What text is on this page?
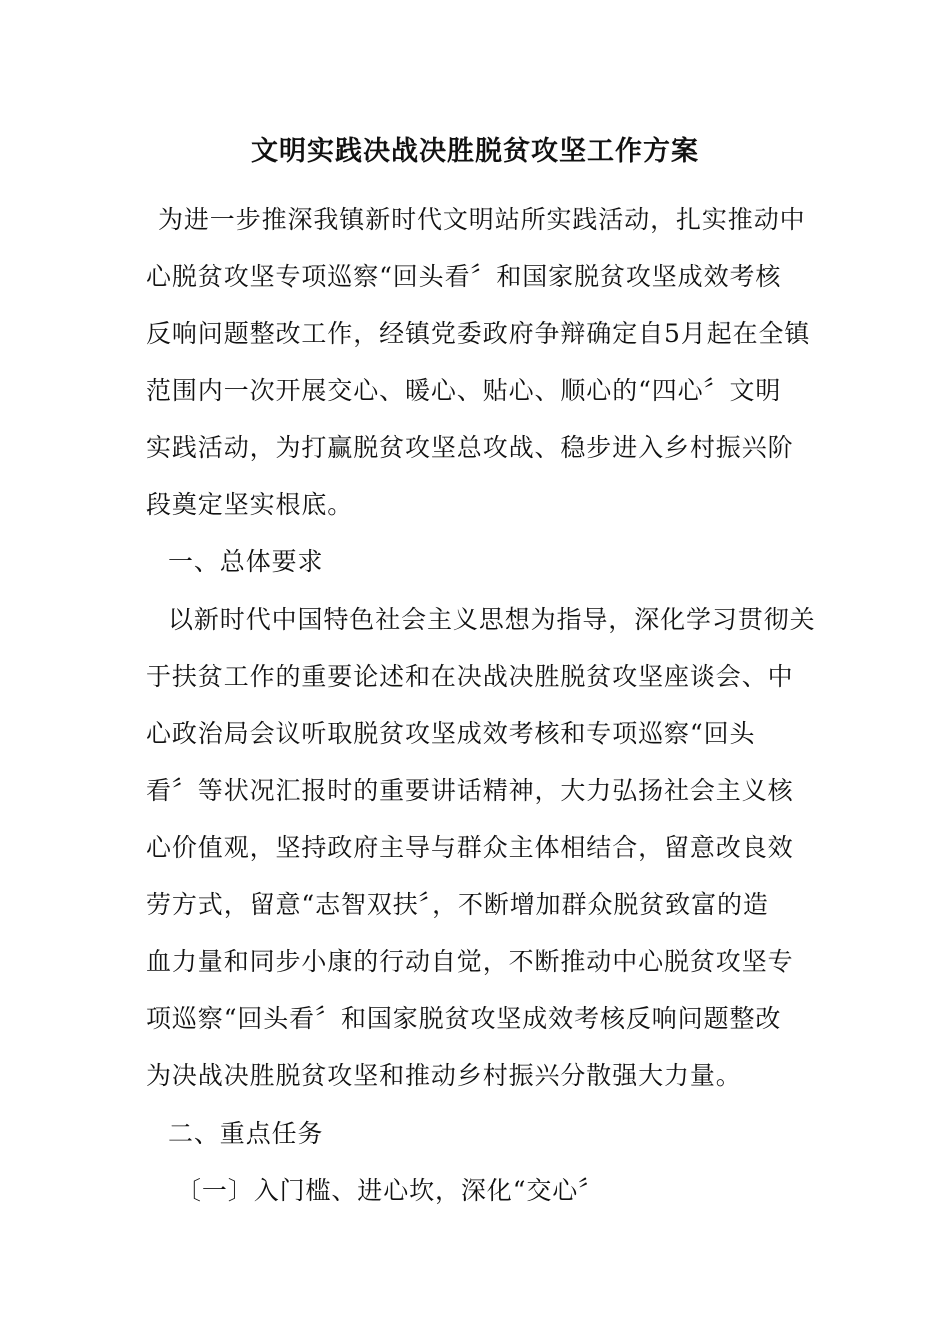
文明实践决战决胜脱贫攻坚工作方案
为进一步推深我镇新时代文明站所实践活动，扎实推动中
心脱贫攻坚专项巡察“回头看〞和国家脱贫攻坚成效考核
反响问题整改工作，经镇党委政府争辩确定自5月起在全镇
范围内一次开展交心、暖心、贴心、顺心的“四心〞文明
实践活动，为打赢脱贫攻坚总攻战、稳步进入乡村振兴阶
段奠定坚实根底。
一、总体要求
以新时代中国特色社会主义思想为指导，深化学习贯彻关
于扶贫工作的重要论述和在决战决胜脱贫攻坚座谈会、中
心政治局会议听取脱贫攻坚成效考核和专项巡察“回头
看〞等状况汇报时的重要讲话精神，大力弘扬社会主义核
心价值观，坚持政府主导与群众主体相结合，留意改良效
劳方式，留意“志智双扶〞，不断增加群众脱贫致富的造
血力量和同步小康的行动自觉，不断推动中心脱贫攻坚专
项巡察“回头看〞和国家脱贫攻坚成效考核反响问题整改
为决战决胜脱贫攻坚和推动乡村振兴分散强大力量。
二、重点任务
〔一〕入门槛、进心坎，深化“交心〞
